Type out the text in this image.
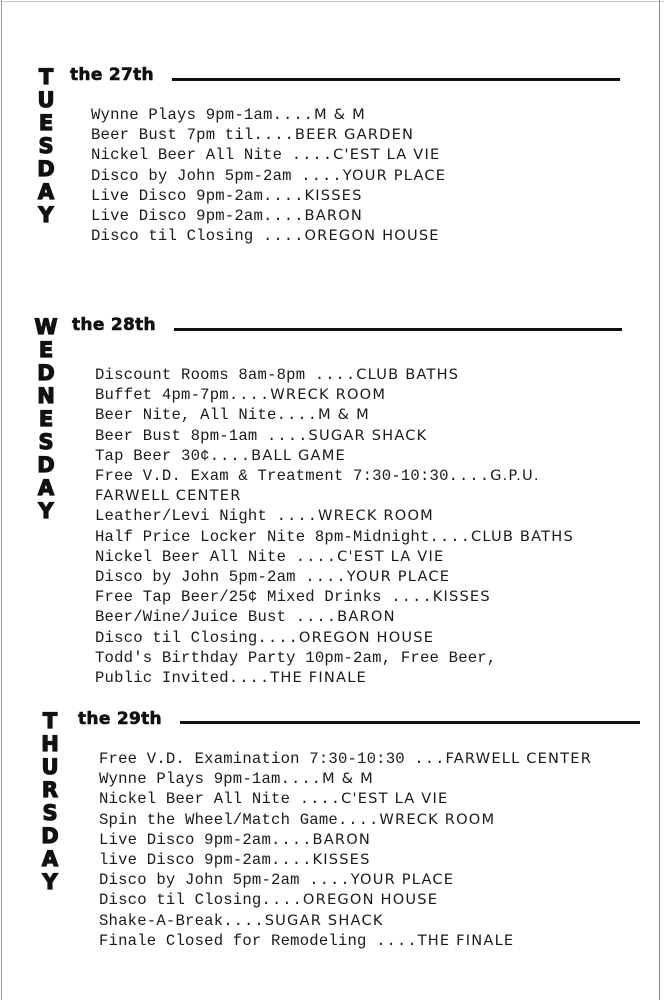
T
U
E
S
D
A
Y
the 27th
Wynne Plays 9pm-1am....M & M
Beer Bust 7pm til....BEER GARDEN
Nickel Beer All Nite ....C'EST LA VIE
Disco by John 5pm-2am ....YOUR PLACE
Live Disco 9pm-2am....KISSES
Live Disco 9pm-2am....BARON
Disco til Closing ....OREGON HOUSE
W
E
D
N
E
S
D
A
Y
the 28th
Discount Rooms 8am-8pm ....CLUB BATHS
Buffet 4pm-7pm....WRECK ROOM
Beer Nite, All Nite....M & M
Beer Bust 8pm-1am ....SUGAR SHACK
Tap Beer 30¢....BALL GAME
Free V.D. Exam & Treatment 7:30-10:30....G.P.U.
FARWELL CENTER
Leather/Levi Night ....WRECK ROOM
Half Price Locker Nite 8pm-Midnight....CLUB BATHS
Nickel Beer All Nite ....C'EST LA VIE
Disco by John 5pm-2am ....YOUR PLACE
Free Tap Beer/25¢ Mixed Drinks ....KISSES
Beer/Wine/Juice Bust ....BARON
Disco til Closing....OREGON HOUSE
Todd's Birthday Party 10pm-2am, Free Beer,
Public Invited....THE FINALE
T
H
U
R
S
D
A
Y
the 29th
Free V.D. Examination 7:30-10:30 ...FARWELL CENTER
Wynne Plays 9pm-1am....M & M
Nickel Beer All Nite ....C'EST LA VIE
Spin the Wheel/Match Game....WRECK ROOM
Live Disco 9pm-2am....BARON
live Disco 9pm-2am....KISSES
Disco by John 5pm-2am ....YOUR PLACE
Disco til Closing....OREGON HOUSE
Shake-A-Break....SUGAR SHACK
Finale Closed for Remodeling ....THE FINALE
